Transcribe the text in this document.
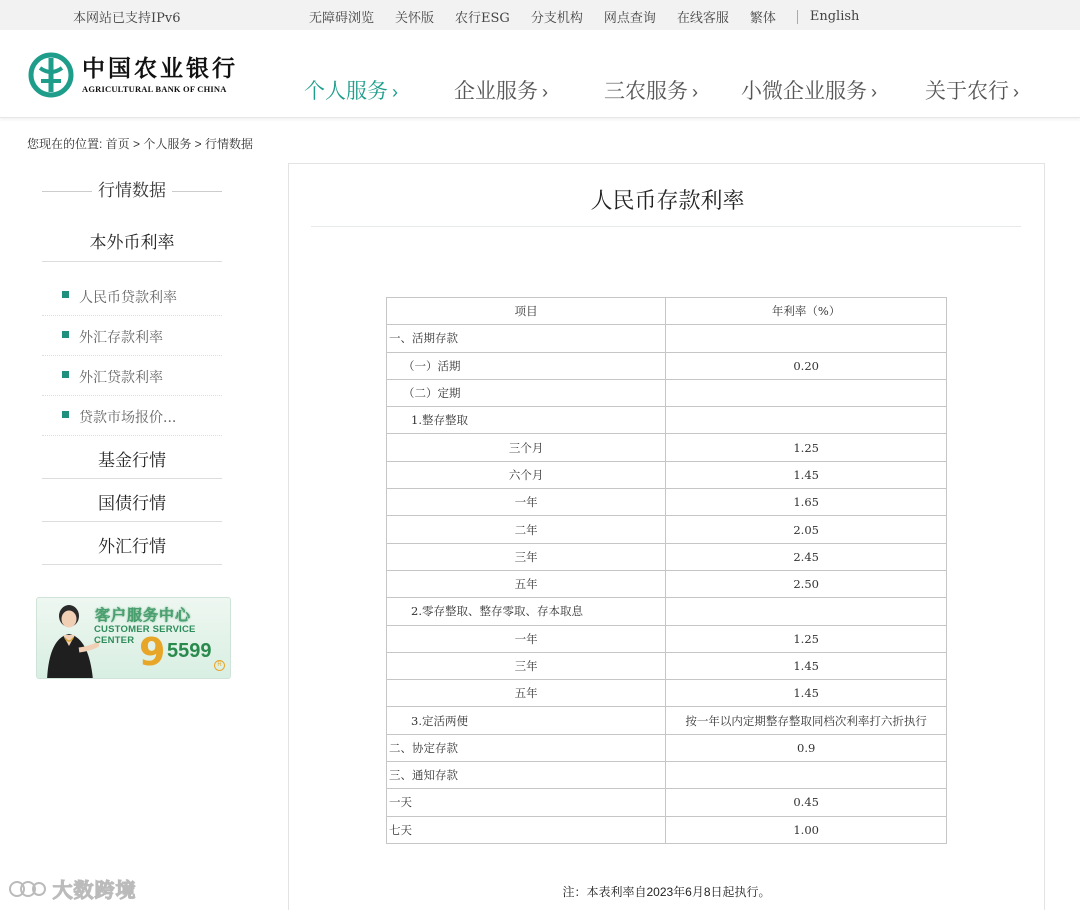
本网站已支持IPv6	无障碍浏览 关怀版 农行ESG 分支机构 网点查询 在线客服 繁体	English
中国农业银行
AGRICULTURAL BANK OF CHINA	个人服务 ›	企业服务 ›	三农服务 › 小微企业服务 › 关于农行 ›
您现在的位置: 首页 > 个人服务 > 行情数据
行情数据
本外币利率
人民币贷款利率
外汇存款利率
外汇贷款利率
贷款市场报价...
基金行情
国债行情
外汇行情
客户服务中心
CUSTOMER SERVICE CENTER 9 5599
R
人民币存款利率
项目	年利率（%）
一、活期存款	
（一）活期	0.20
（二）定期	
1.整存整取	
三个月	1.25
六个月	1.45
一年	1.65
二年	2.05
三年	2.45
五年	2.50
2.零存整取、整存零取、存本取息	
一年	1.25
三年	1.45
五年	1.45
3.定活两便	按一年以内定期整存整取同档次利率打六折执行
二、协定存款	0.9
三、通知存款	
一天	0.45
七天	1.00
注：本表利率自2023年6月8日起执行。
大数跨境
